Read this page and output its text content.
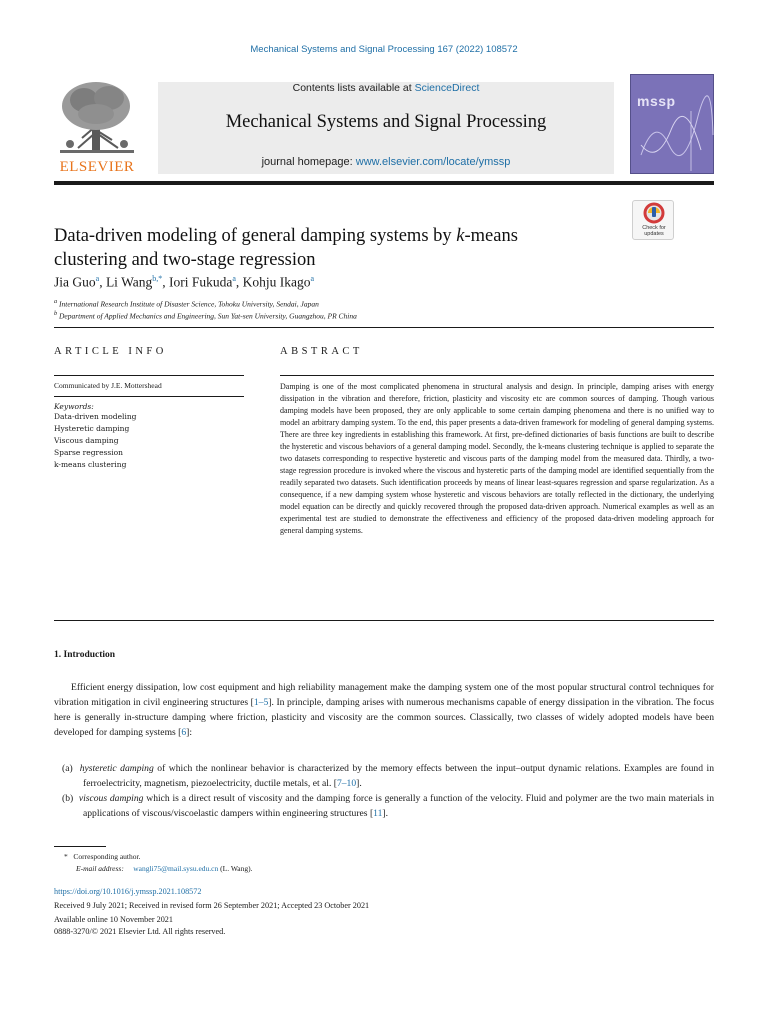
Mechanical Systems and Signal Processing 167 (2022) 108572
ELSEVIER
Contents lists available at ScienceDirect
Mechanical Systems and Signal Processing
journal homepage: www.elsevier.com/locate/ymssp
mssp
Check for updates
Data-driven modeling of general damping systems by k-means
clustering and two-stage regression
Jia Guo$^a$, Li Wang$^{b,*}$, Iori Fukuda$^a$, Kohju Ikago$^a$
$^a$ International Research Institute of Disaster Science, Tohoku University, Sendai, Japan
$^b$ Department of Applied Mechanics and Engineering, Sun Yat-sen University, Guangzhou, PR China
ARTICLE INFO
Communicated by J.E. Mottershead
Keywords:
Data-driven modeling
Hysteretic damping
Viscous damping
Sparse regression
k-means clustering
ABSTRACT
Damping is one of the most complicated phenomena in structural analysis and design. In principle, damping arises with energy dissipation in the vibration and therefore, friction, plasticity and viscosity etc are common sources of damping. Though various damping models have been proposed, they are only applicable to some certain damping phenomena and there is no unified way to model an arbitrary damping system. To the end, this paper presents a data-driven framework for modeling of general damping systems. There are three key ingredients in establishing this framework. At first, pre-defined dictionaries of basis functions are built to describe the hysteretic and viscous behaviors of a general damping model. Secondly, the k-means clustering technique is applied to separate the two datasets corresponding to respective hysteretic and viscous parts of the damping model from the measured data. Thirdly, a two-stage regression procedure is invoked where the viscous and hysteretic parts of the damping model are identified sequentially from the readily separated two datasets. Such identification proceeds by means of linear least-squares regression and sparse regularization. As a consequence, if a new damping system whose hysteretic and viscous behaviors are totally reflected in the dictionary, the underlying model equation can be directly and quickly recovered through the proposed data-driven approach. Numerical examples as well as an experimental test are studied to demonstrate the effectiveness and efficiency of the proposed data-driven modeling approach for general damping systems.
1. Introduction
Efficient energy dissipation, low cost equipment and high reliability management make the damping system one of the most popular structural control techniques for vibration mitigation in civil engineering structures [1–5]. In principle, damping arises with numerous mechanisms capable of energy dissipation in the vibration. The focus here is generally in-structure damping where friction, plasticity and viscosity are the common sources. Classically, two classes of widely adopted models have been developed for damping systems [6]:
(a) hysteretic damping of which the nonlinear behavior is characterized by the memory effects between the input–output dynamic relations. Examples are found in ferroelectricity, magnetism, piezoelectricity, ductile metals, et al. [7–10].
(b) viscous damping which is a direct result of viscosity and the damping force is generally a function of the velocity. Fluid and polymer are the two main materials in applications of viscous/viscoelastic dampers within engineering structures [11].
* Corresponding author.
E-mail address: wangli75@mail.sysu.edu.cn (L. Wang).
https://doi.org/10.1016/j.ymssp.2021.108572
Received 9 July 2021; Received in revised form 26 September 2021; Accepted 23 October 2021
Available online 10 November 2021
0888-3270/© 2021 Elsevier Ltd. All rights reserved.
